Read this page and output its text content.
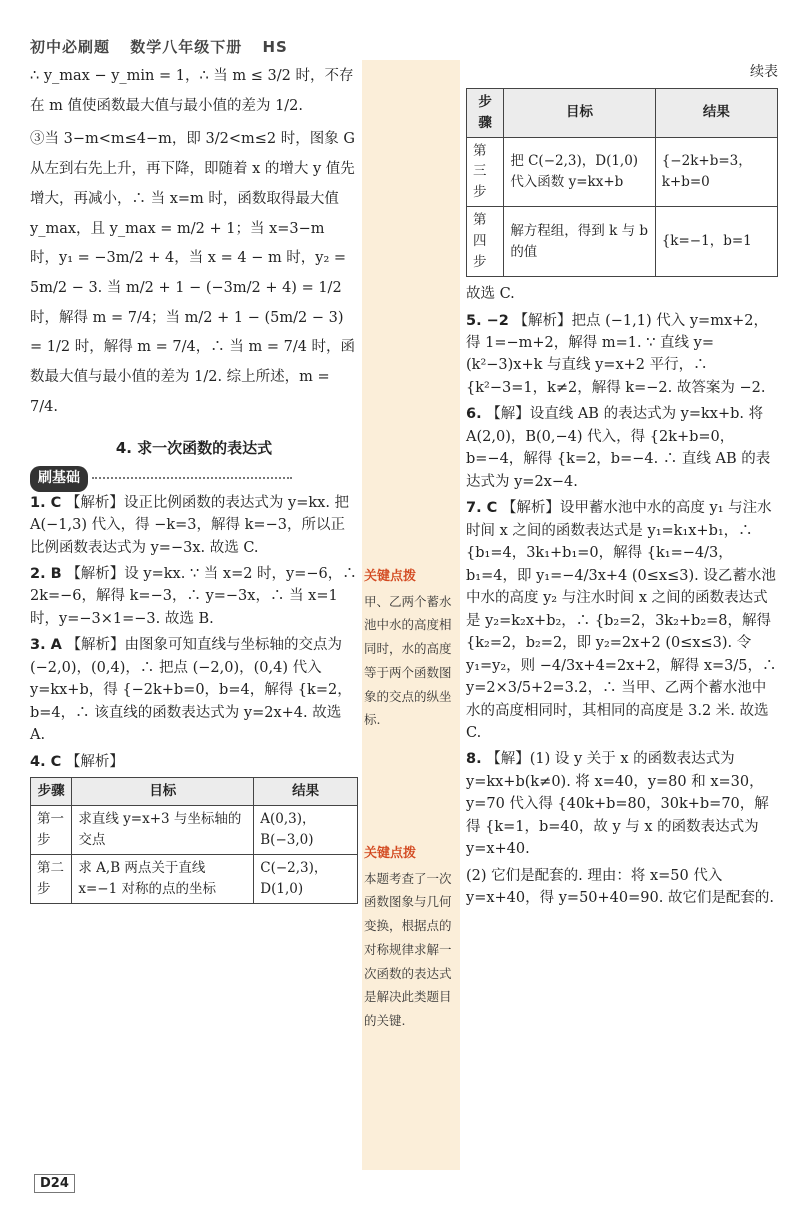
初中必刷题 数学八年级下册 HS

∴ y_max − y_min = 1，∴ 当 m ≤ 3/2 时，不存在 m 值使函数最大值与最小值的差为 1/2.

③当 3−m<m≤4−m，即 3/2<m≤2 时，图象 G 从左到右先上升，再下降，即随着 x 的增大 y 值先增大，再减小，∴ 当 x=m 时，函数取得最大值 y_max，且 y_max = m/2 + 1；当 x=3−m 时，y₁ = −3m/2 + 4，当 x = 4 − m 时，y₂ = 5m/2 − 3. 当 m/2 + 1 − (−3m/2 + 4) = 1/2 时，解得 m = 7/4；当 m/2 + 1 − (5m/2 − 3) = 1/2 时，解得 m = 7/4，∴ 当 m = 7/4 时，函数最大值与最小值的差为 1/2. 综上所述，m = 7/4.

4. 求一次函数的表达式
刷基础

1. C 【解析】设正比例函数的表达式为 y=kx. 把 A(−1,3) 代入，得 −k=3，解得 k=−3，所以正比例函数表达式为 y=−3x. 故选 C.

2. B 【解析】设 y=kx. ∵ 当 x=2 时，y=−6，∴ 2k=−6，解得 k=−3，∴ y=−3x，∴ 当 x=1 时，y=−3×1=−3. 故选 B.

3. A 【解析】由图象可知直线与坐标轴的交点为 (−2,0)，(0,4)，∴ 把点 (−2,0)，(0,4) 代入 y=kx+b，得 {−2k+b=0，b=4，解得 {k=2，b=4，∴ 该直线的函数表达式为 y=2x+4. 故选 A.

4. C 【解析】

步骤	目标	结果
第一步	求直线 y=x+3 与坐标轴的交点	A(0,3)，B(−3,0)
第二步	求 A,B 两点关于直线 x=−1 对称的点的坐标	C(−2,3)，D(1,0)
关键点拨
甲、乙两个蓄水池中水的高度相同时，水的高度等于两个函数图象的交点的纵坐标.
关键点拨
本题考查了一次函数图象与几何变换，根据点的对称规律求解一次函数的表达式是解决此类题目的关键.
续表
步骤	目标	结果
第三步	把 C(−2,3)，D(1,0) 代入函数 y=kx+b	{−2k+b=3，k+b=0
第四步	解方程组，得到 k 与 b 的值	{k=−1，b=1

故选 C.

5. −2 【解析】把点 (−1,1) 代入 y=mx+2，得 1=−m+2，解得 m=1. ∵ 直线 y=(k²−3)x+k 与直线 y=x+2 平行，∴ {k²−3=1，k≠2，解得 k=−2. 故答案为 −2.

6. 【解】设直线 AB 的表达式为 y=kx+b. 将 A(2,0)，B(0,−4) 代入，得 {2k+b=0，b=−4，解得 {k=2，b=−4. ∴ 直线 AB 的表达式为 y=2x−4.

7. C 【解析】设甲蓄水池中水的高度 y₁ 与注水时间 x 之间的函数表达式是 y₁=k₁x+b₁，∴ {b₁=4，3k₁+b₁=0，解得 {k₁=−4/3，b₁=4，即 y₁=−4/3x+4 (0≤x≤3). 设乙蓄水池中水的高度 y₂ 与注水时间 x 之间的函数表达式是 y₂=k₂x+b₂，∴ {b₂=2，3k₂+b₂=8，解得 {k₂=2，b₂=2，即 y₂=2x+2 (0≤x≤3). 令 y₁=y₂，则 −4/3x+4=2x+2，解得 x=3/5，∴ y=2×3/5+2=3.2，∴ 当甲、乙两个蓄水池中水的高度相同时，其相同的高度是 3.2 米. 故选 C.

8. 【解】(1) 设 y 关于 x 的函数表达式为 y=kx+b(k≠0). 将 x=40，y=80 和 x=30，y=70 代入得 {40k+b=80，30k+b=70，解得 {k=1，b=40，故 y 与 x 的函数表达式为 y=x+40.

(2) 它们是配套的. 理由：将 x=50 代入 y=x+40，得 y=50+40=90. 故它们是配套的.

D24
